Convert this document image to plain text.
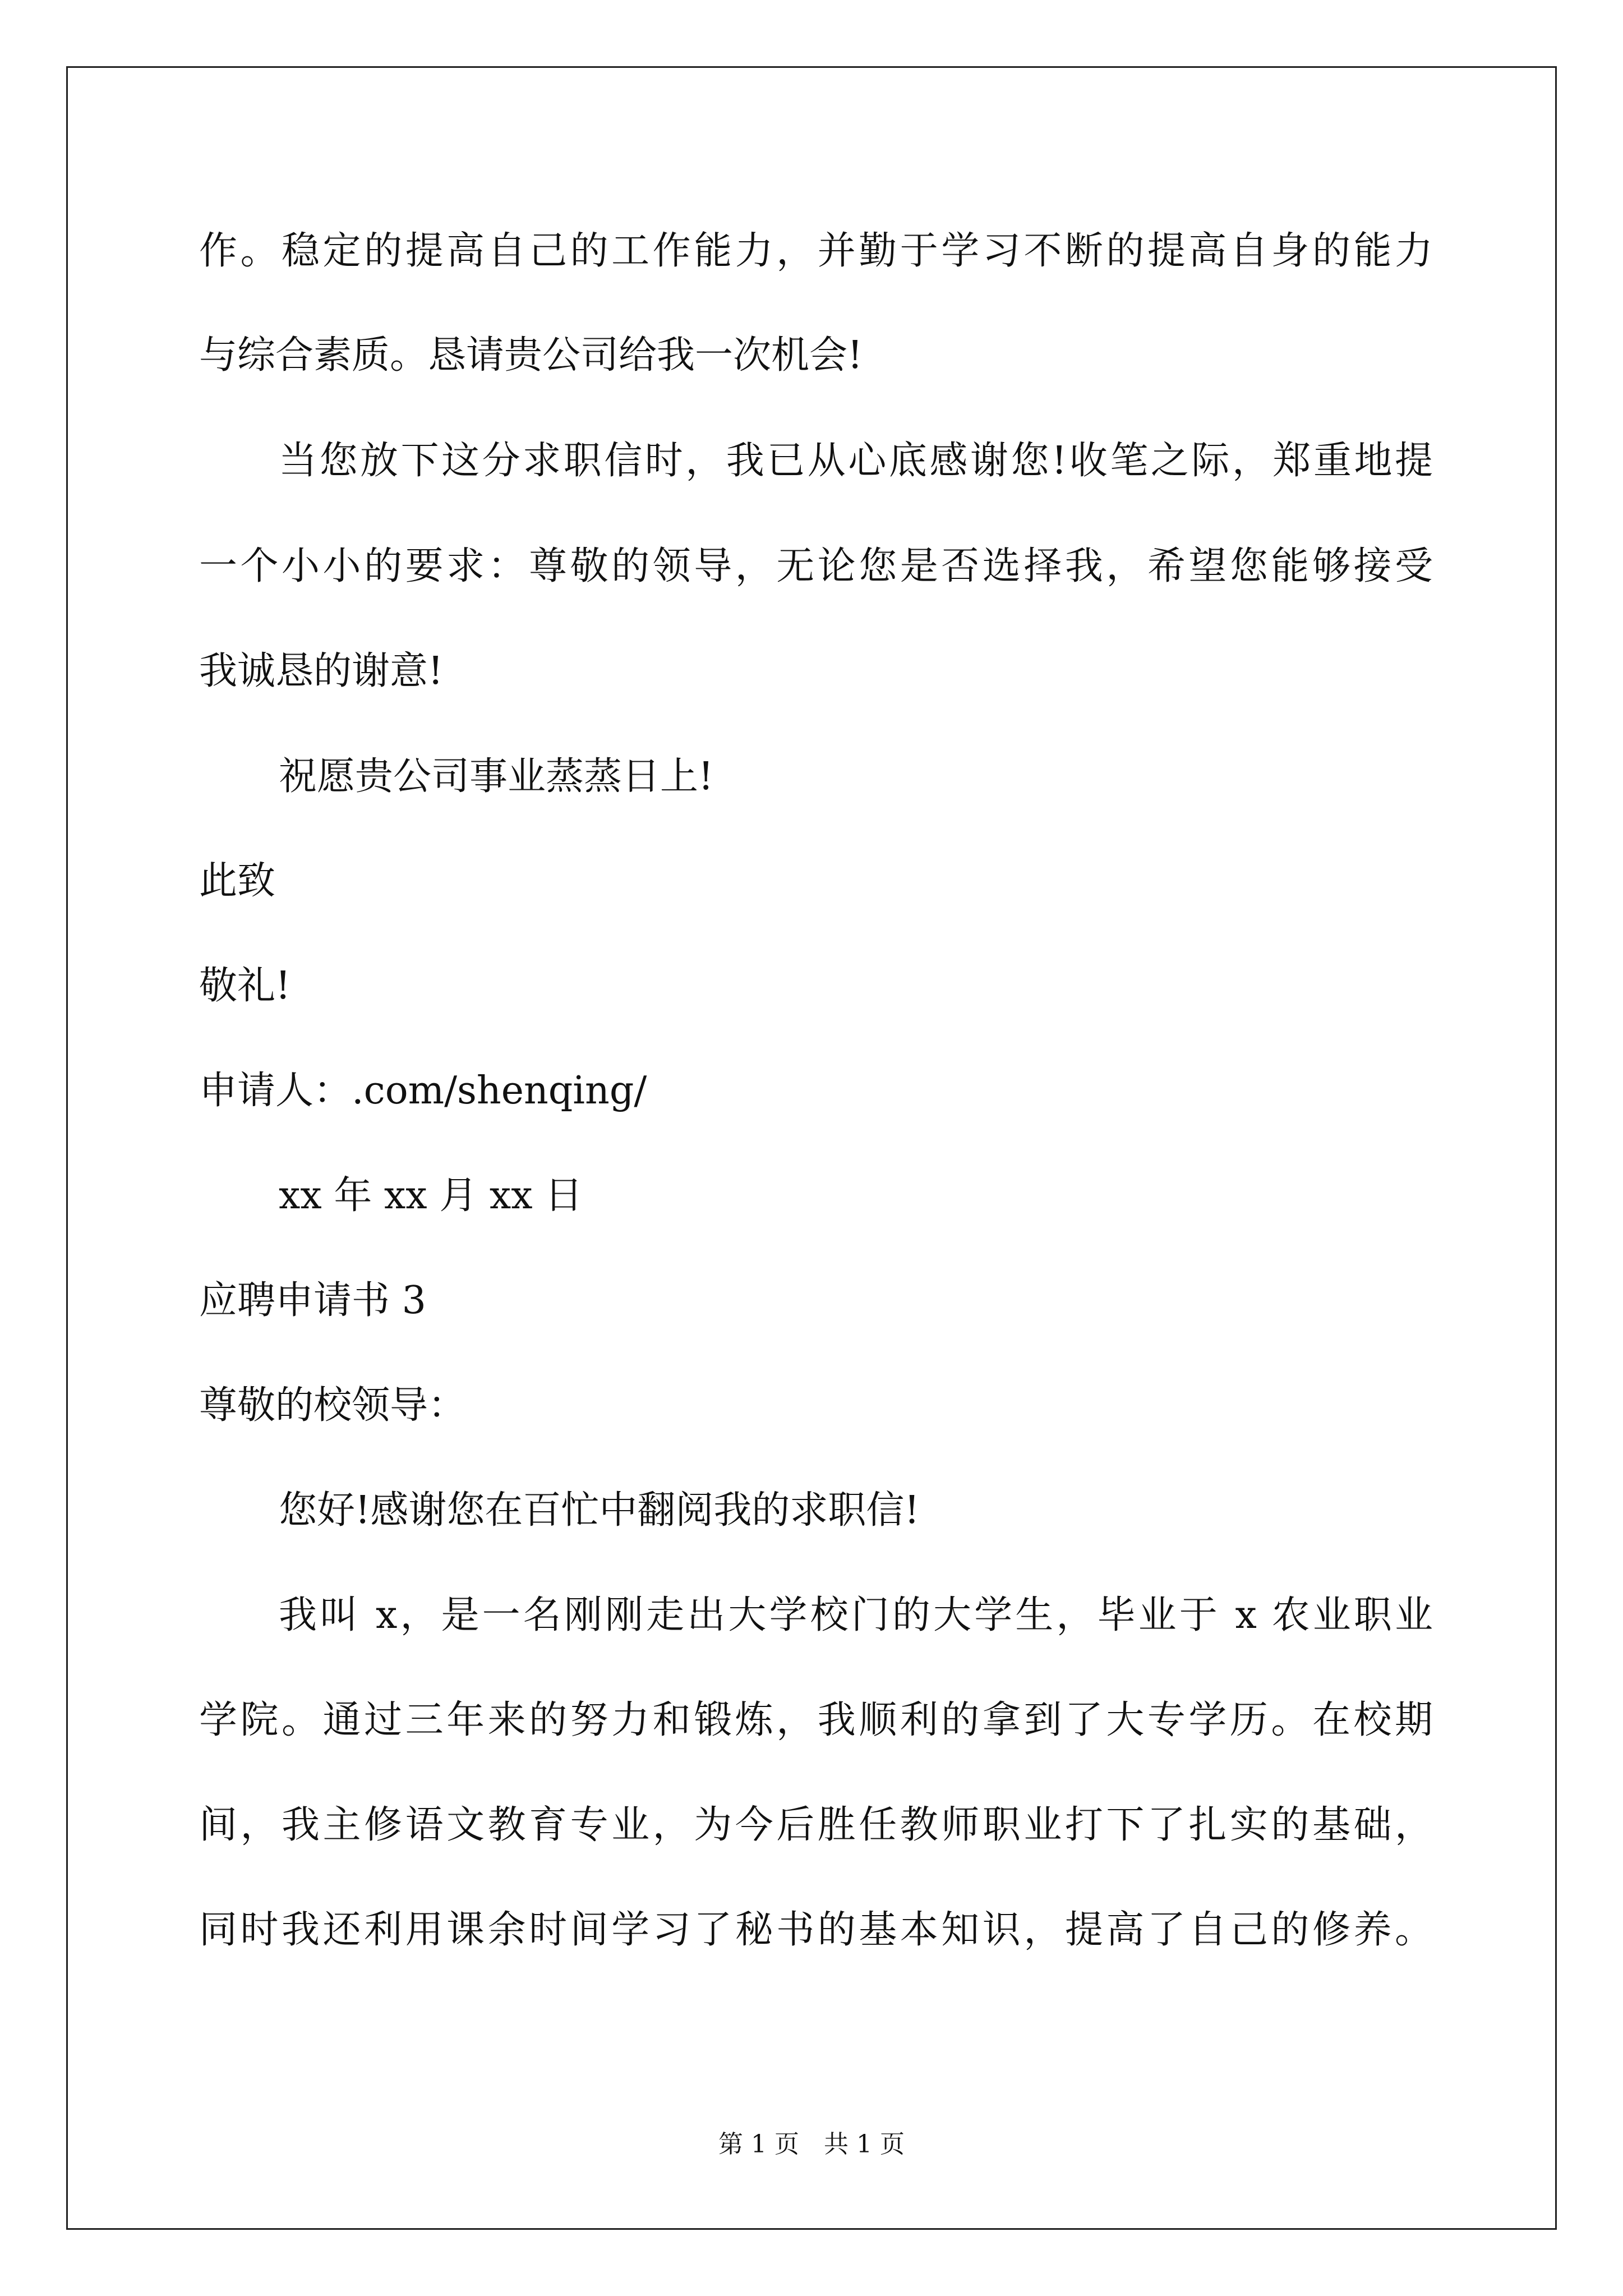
作。稳定的提高自己的工作能力，并勤于学习不断的提高自身的能力
与综合素质。恳请贵公司给我一次机会!
当您放下这分求职信时，我已从心底感谢您!收笔之际，郑重地提
一个小小的要求：尊敬的领导，无论您是否选择我，希望您能够接受
我诚恳的谢意!
祝愿贵公司事业蒸蒸日上!
此致
敬礼!
申请人：.com/shenqing/
xx 年 xx 月 xx 日
应聘申请书 3
尊敬的校领导：
您好!感谢您在百忙中翻阅我的求职信!
我叫 x，是一名刚刚走出大学校门的大学生，毕业于 x 农业职业
学院。通过三年来的努力和锻炼，我顺利的拿到了大专学历。在校期
间，我主修语文教育专业，为今后胜任教师职业打下了扎实的基础，
同时我还利用课余时间学习了秘书的基本知识，提高了自己的修养。
第 1 页　共 1 页
